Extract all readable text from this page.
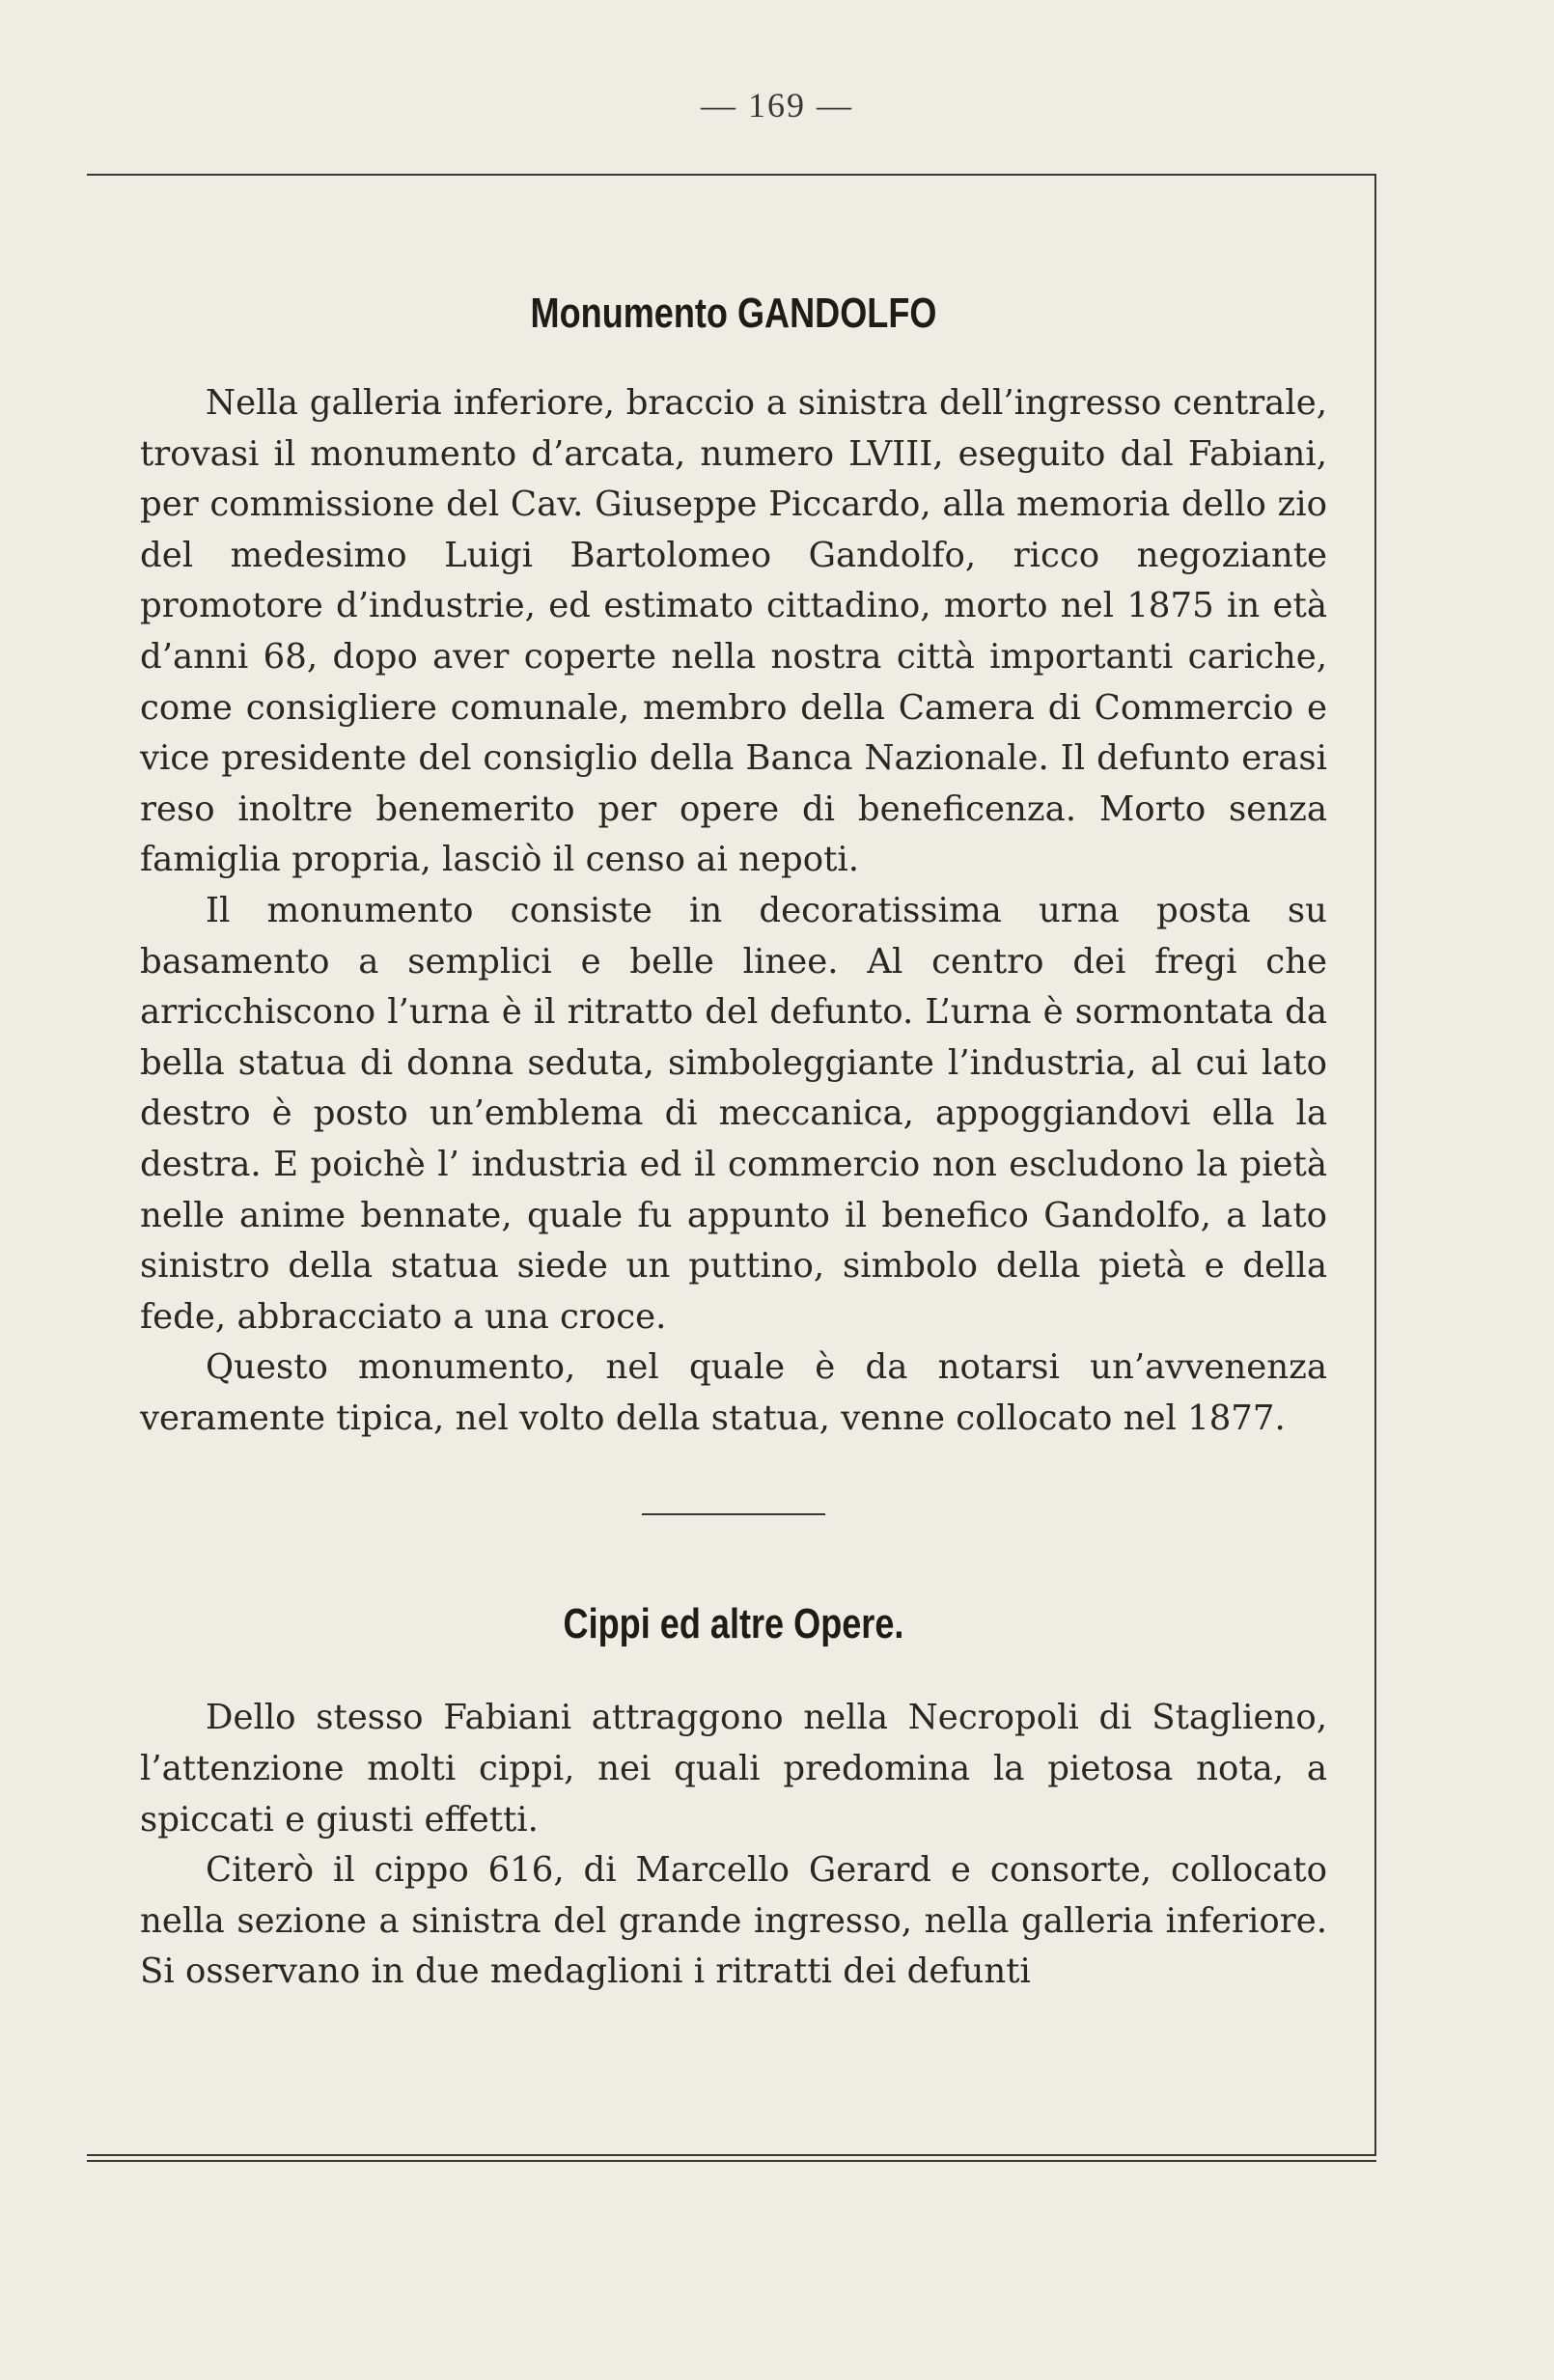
— 169 —
Monumento GANDOLFO

Nella galleria inferiore, braccio a sinistra dell’ingresso centrale, trovasi il monumento d’arcata, numero LVIII, eseguito dal Fabiani, per commissione del Cav. Giuseppe Piccardo, alla memoria dello zio del medesimo Luigi Bartolomeo Gandolfo, ricco negoziante promotore d’industrie, ed estimato cittadino, morto nel 1875 in età d’anni 68, dopo aver coperte nella nostra città importanti cariche, come consigliere comunale, membro della Camera di Commercio e vice presidente del consiglio della Banca Nazionale. Il defunto erasi reso inoltre benemerito per opere di beneficenza. Morto senza famiglia propria, lasciò il censo ai nepoti.

Il monumento consiste in decoratissima urna posta su basamento a semplici e belle linee. Al centro dei fregi che arricchiscono l’urna è il ritratto del defunto. L’urna è sormontata da bella statua di donna seduta, simboleggiante l’industria, al cui lato destro è posto un’emblema di meccanica, appoggiandovi ella la destra. E poichè l’ industria ed il commercio non escludono la pietà nelle anime bennate, quale fu appunto il benefico Gandolfo, a lato sinistro della statua siede un puttino, simbolo della pietà e della fede, abbracciato a una croce.

Questo monumento, nel quale è da notarsi un’avvenenza veramente tipica, nel volto della statua, venne collocato nel 1877.

Cippi ed altre Opere.

Dello stesso Fabiani attraggono nella Necropoli di Staglieno, l’attenzione molti cippi, nei quali predomina la pietosa nota, a spiccati e giusti effetti.

Citerò il cippo 616, di Marcello Gerard e consorte, collocato nella sezione a sinistra del grande ingresso, nella galleria inferiore. Si osservano in due medaglioni i ritratti dei defunti
